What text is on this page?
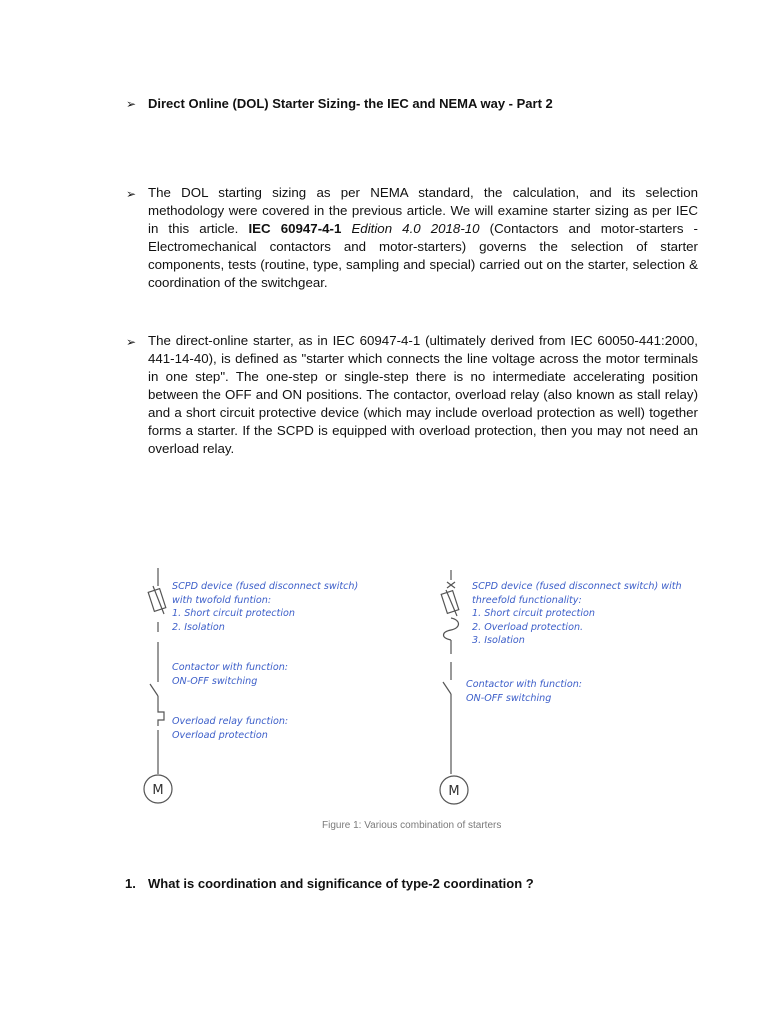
➢ Direct Online (DOL) Starter Sizing- the IEC and NEMA way - Part 2
➢ The DOL starting sizing as per NEMA standard, the calculation, and its selection methodology were covered in the previous article. We will examine starter sizing as per IEC in this article. IEC 60947-4-1 Edition 4.0 2018-10 (Contactors and motor-starters - Electromechanical contactors and motor-starters) governs the selection of starter components, tests (routine, type, sampling and special) carried out on the starter, selection & coordination of the switchgear.
➢ The direct-online starter, as in IEC 60947-4-1 (ultimately derived from IEC 60050-441:2000, 441-14-40), is defined as "starter which connects the line voltage across the motor terminals in one step". The one-step or single-step there is no intermediate accelerating position between the OFF and ON positions. The contactor, overload relay (also known as stall relay) and a short circuit protective device (which may include overload protection as well) together forms a starter. If the SCPD is equipped with overload protection, then you may not need an overload relay.
M	M
SCPD device (fused disconnect switch)
with twofold funtion:
1. Short circuit protection
2. Isolation
Contactor with function:
ON-OFF switching
Overload relay function:
Overload protection
SCPD device (fused disconnect switch) with
threefold functionality:
1. Short circuit protection
2. Overload protection.
3. Isolation
Contactor with function:
ON-OFF switching
Figure 1: Various combination of starters
1. What is coordination and significance of type-2 coordination ?
